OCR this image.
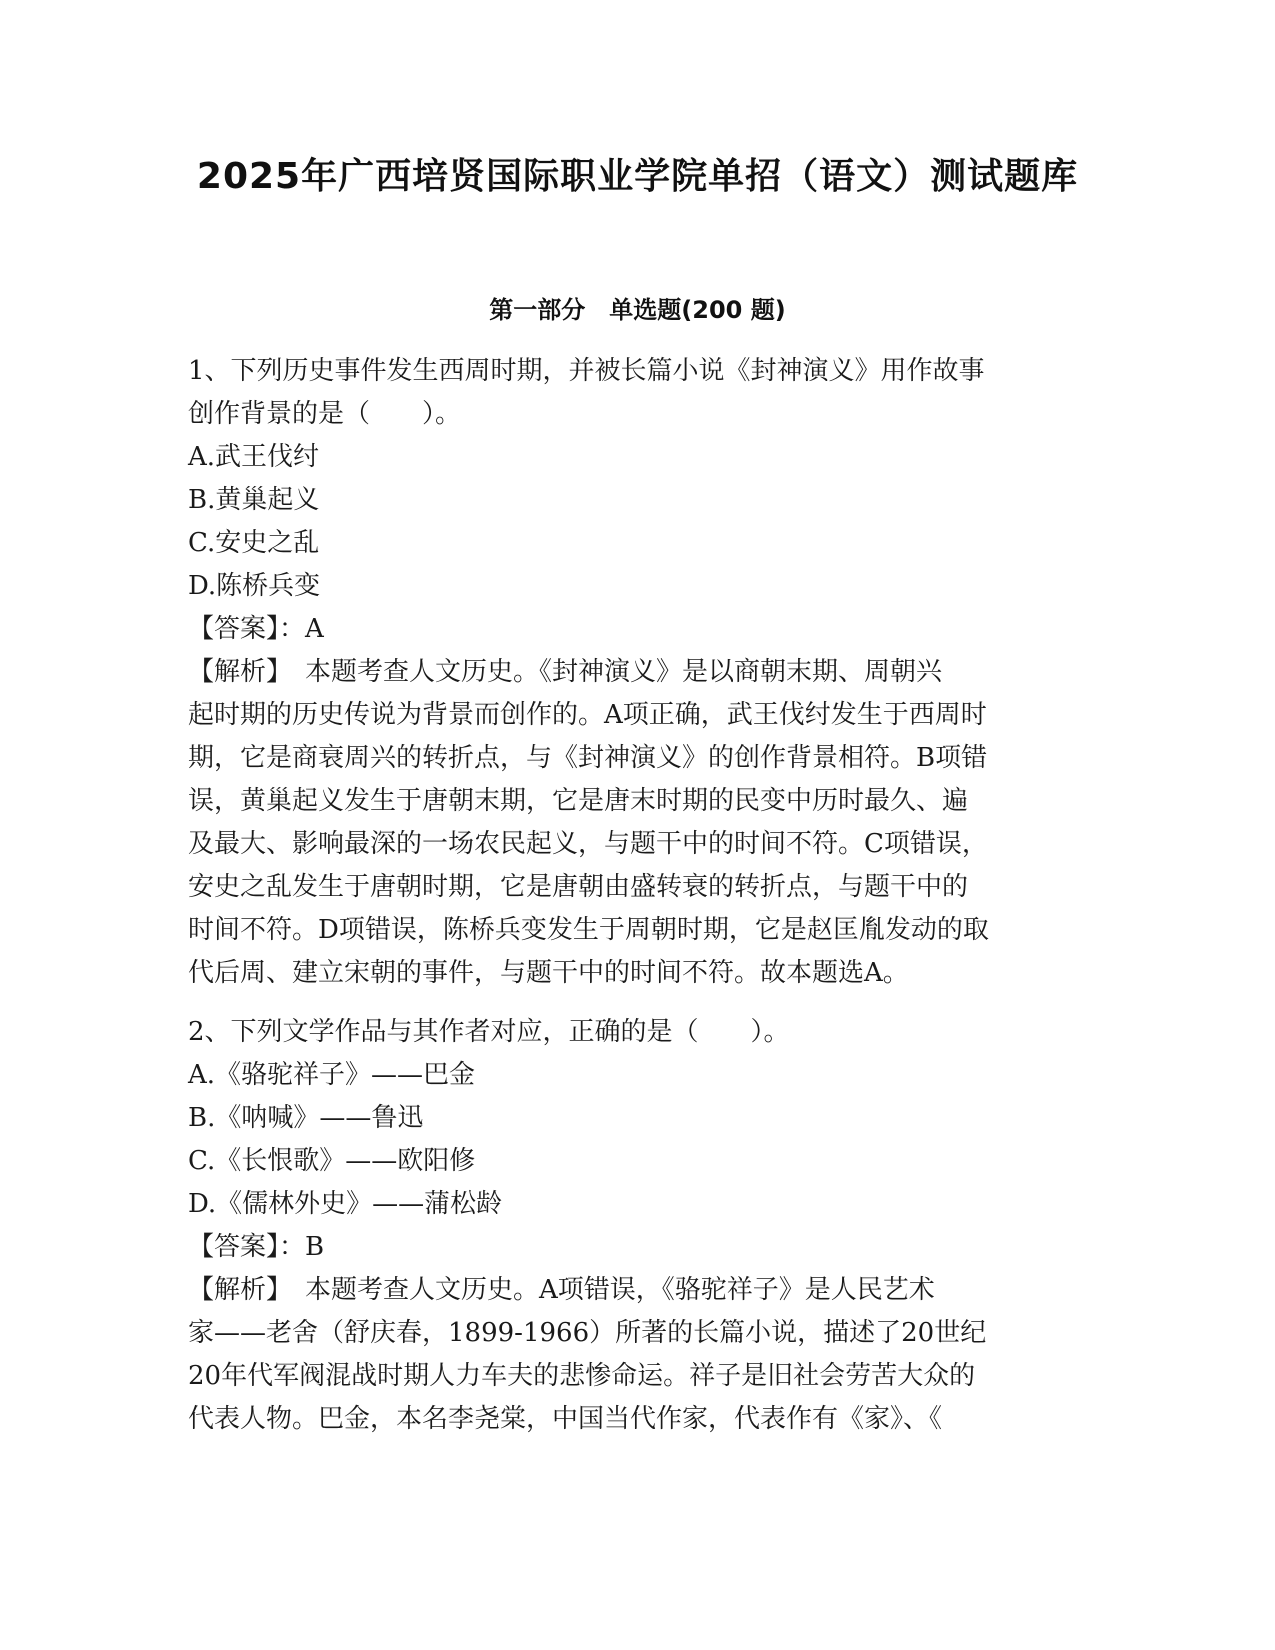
2025年广西培贤国际职业学院单招（语文）测试题库
第一部分　单选题(200 题)
1、下列历史事件发生西周时期，并被长篇小说《封神演义》用作故事
创作背景的是（　　）。
A.武王伐纣
B.黄巢起义
C.安史之乱
D.陈桥兵变
【答案】：A
【解析】　本题考查人文历史。《封神演义》是以商朝末期、周朝兴
起时期的历史传说为背景而创作的。A项正确，武王伐纣发生于西周时
期，它是商衰周兴的转折点，与《封神演义》的创作背景相符。B项错
误，黄巢起义发生于唐朝末期，它是唐末时期的民变中历时最久、遍
及最大、影响最深的一场农民起义，与题干中的时间不符。C项错误，
安史之乱发生于唐朝时期，它是唐朝由盛转衰的转折点，与题干中的
时间不符。D项错误，陈桥兵变发生于周朝时期，它是赵匡胤发动的取
代后周、建立宋朝的事件，与题干中的时间不符。故本题选A。
2、下列文学作品与其作者对应，正确的是（　　）。
A.《骆驼祥子》——巴金
B.《呐喊》——鲁迅
C.《长恨歌》——欧阳修
D.《儒林外史》——蒲松龄
【答案】：B
【解析】　本题考查人文历史。A项错误，《骆驼祥子》是人民艺术
家——老舍（舒庆春，1899-1966）所著的长篇小说，描述了20世纪
20年代军阀混战时期人力车夫的悲惨命运。祥子是旧社会劳苦大众的
代表人物。巴金，本名李尧棠，中国当代作家，代表作有《家》、《
